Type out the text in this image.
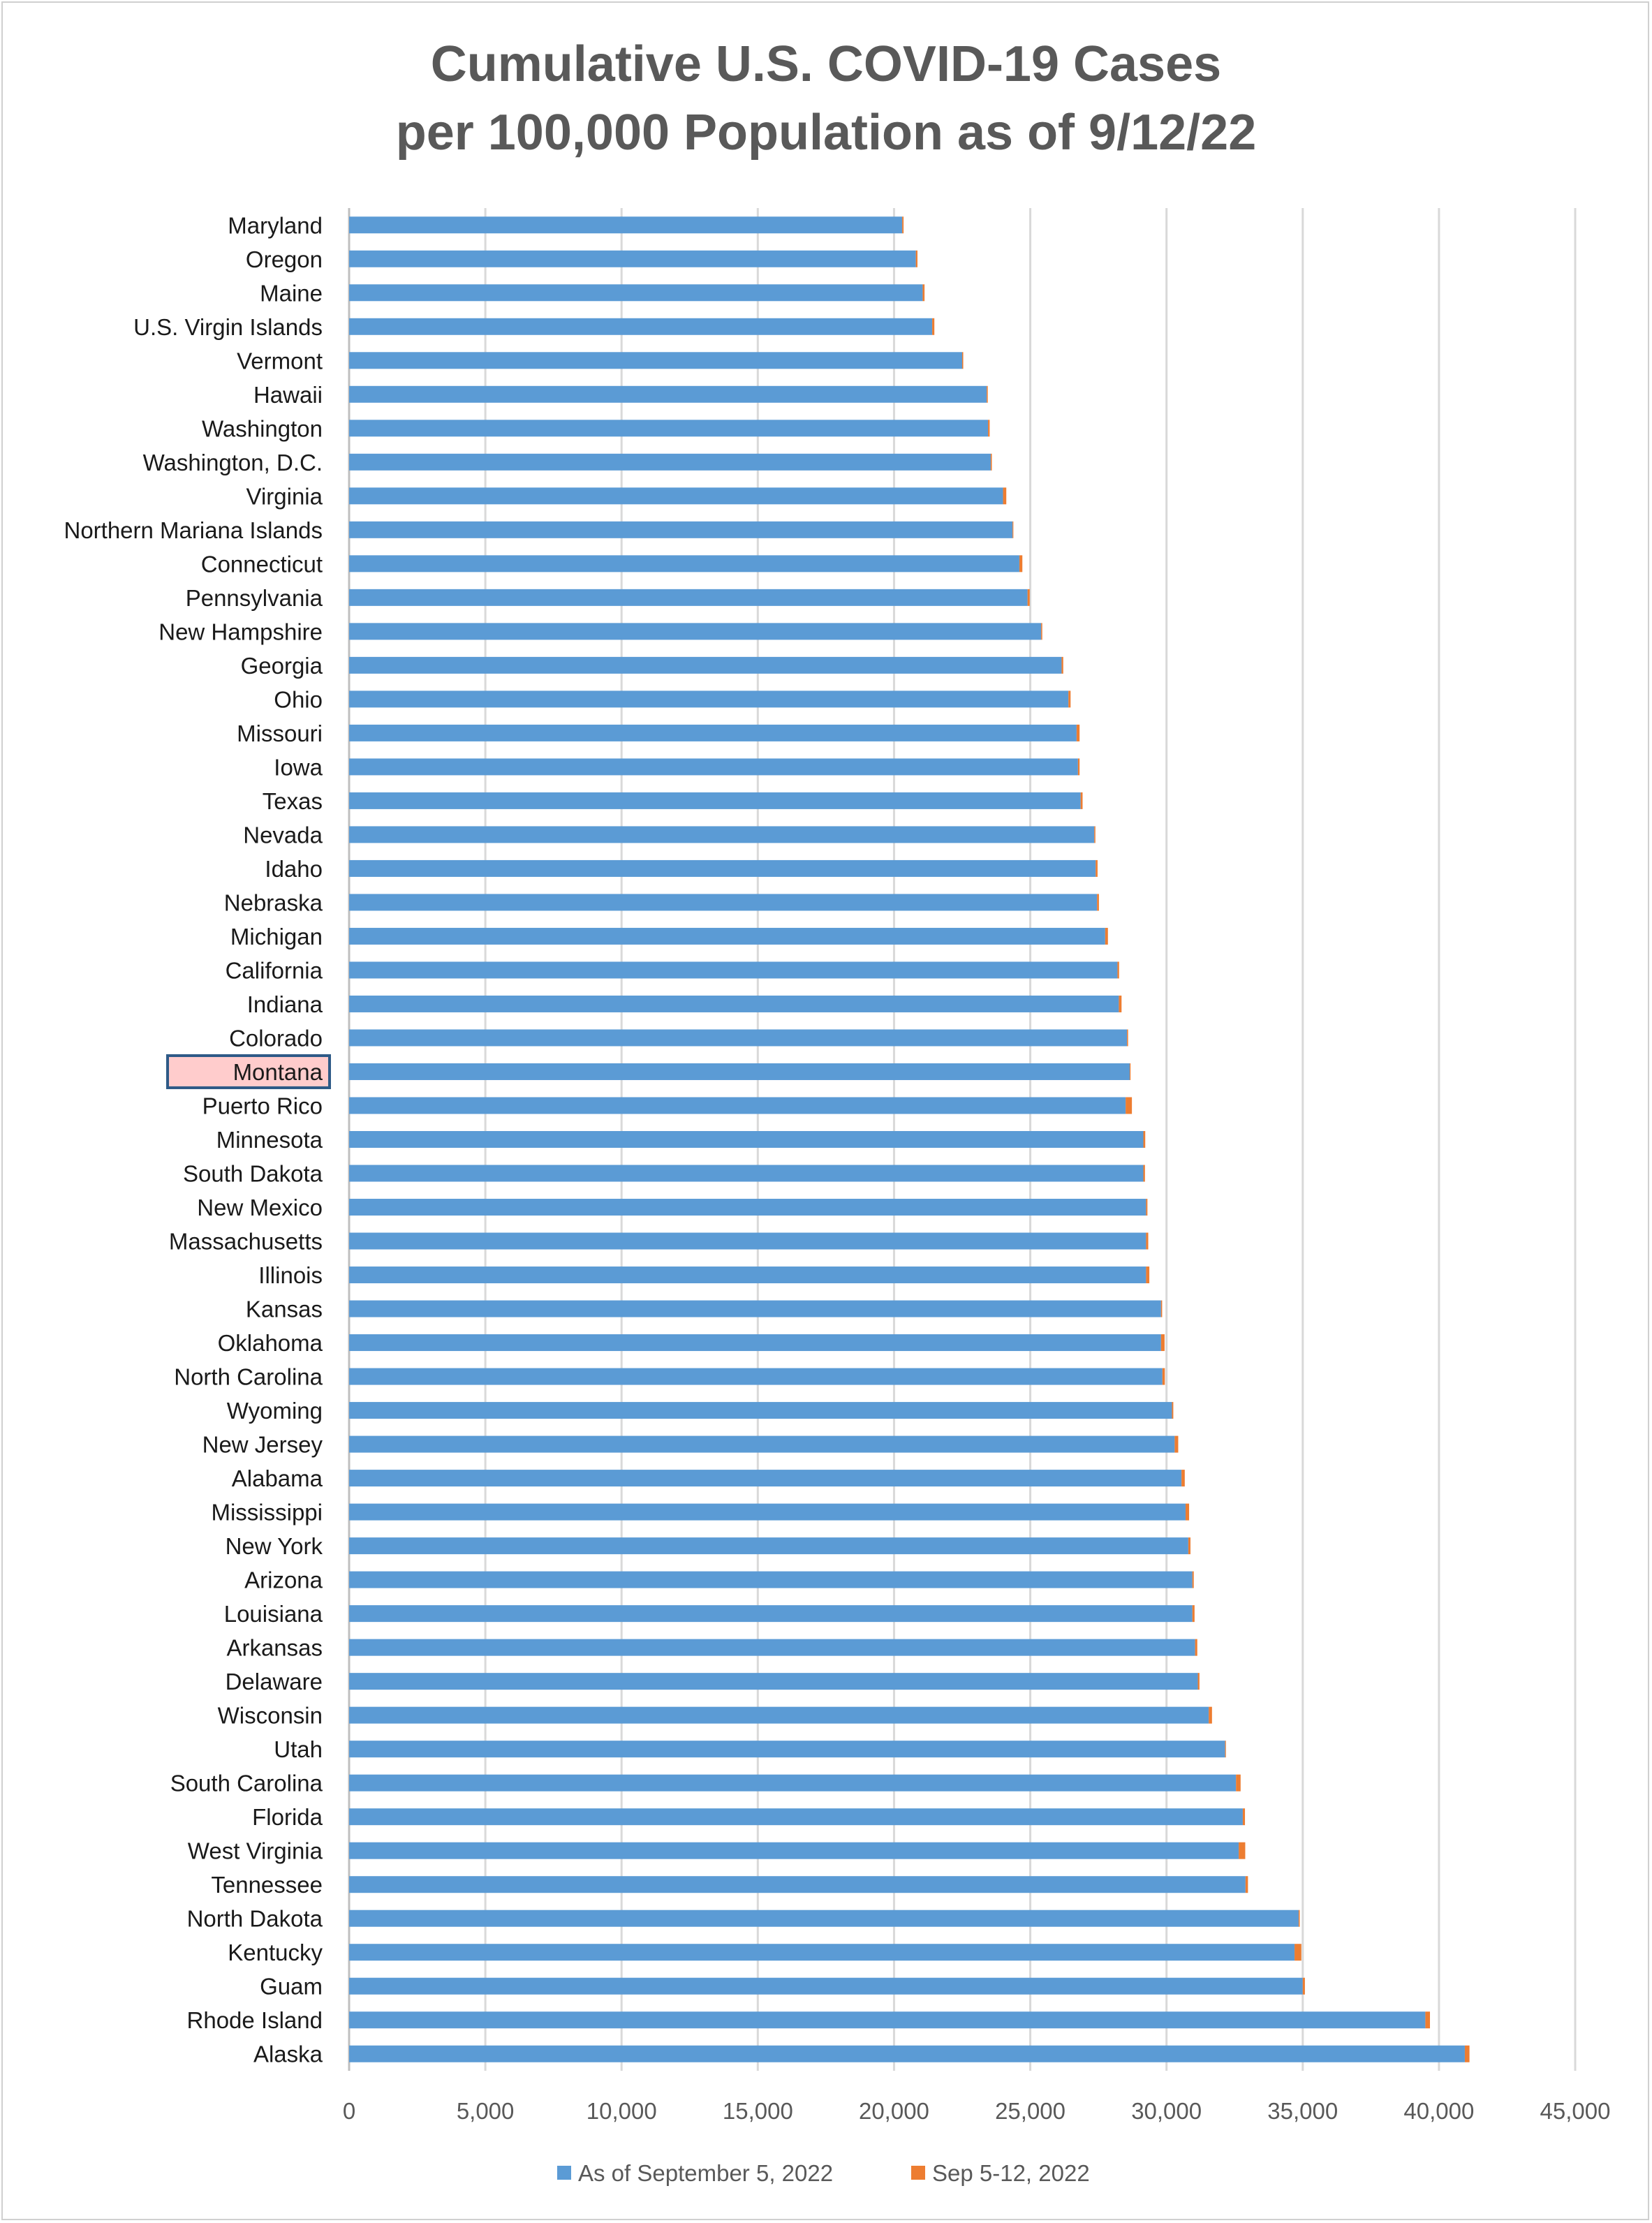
Cumulative U.S. COVID-19 Cases
per 100,000 Population as of 9/12/22
Maryland
Oregon
Maine
U.S. Virgin Islands
Vermont
Hawaii
Washington
Washington, D.C.
Virginia
Northern Mariana Islands
Connecticut
Pennsylvania
New Hampshire
Georgia
Ohio
Missouri
Iowa
Texas
Nevada
Idaho
Nebraska
Michigan
California
Indiana
Colorado
Montana
Puerto Rico
Minnesota
South Dakota
New Mexico
Massachusetts
Illinois
Kansas
Oklahoma
North Carolina
Wyoming
New Jersey
Alabama
Mississippi
New York
Arizona
Louisiana
Arkansas
Delaware
Wisconsin
Utah
South Carolina
Florida
West Virginia
Tennessee
North Dakota
Kentucky
Guam
Rhode Island
Alaska
0	5,000	10,000	15,000	20,000	25,000	30,000	35,000	40,000	45,000
As of September 5, 2022	Sep 5-12, 2022
